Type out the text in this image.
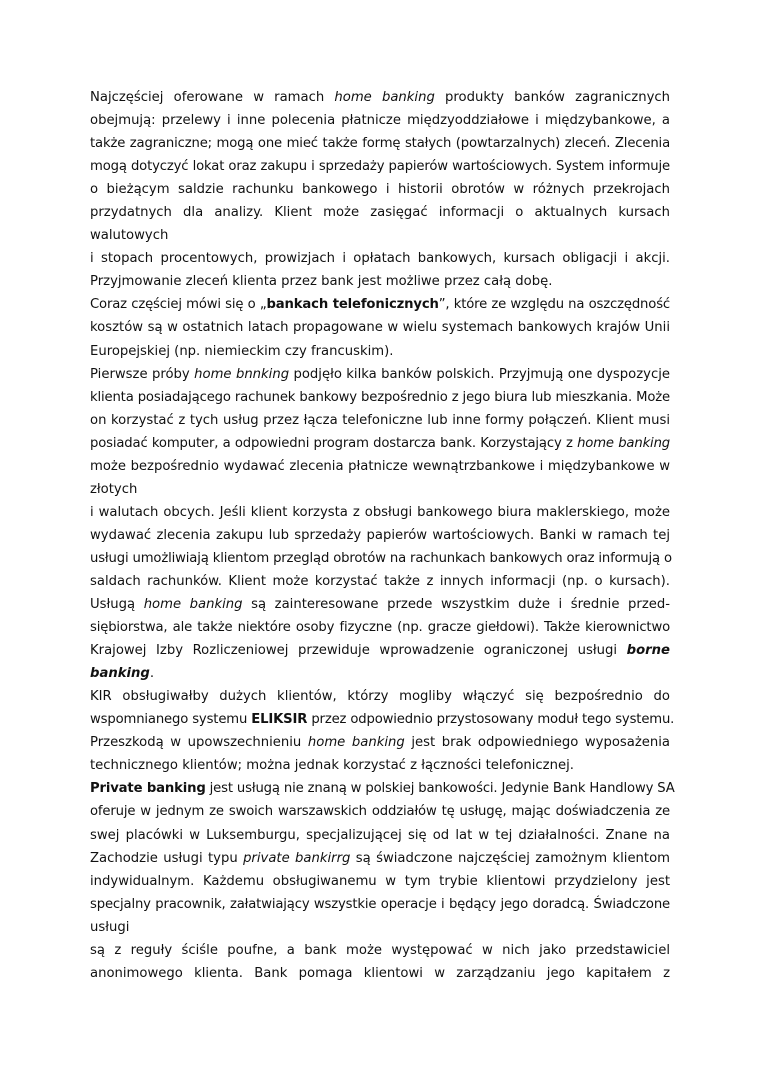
Najczęściej oferowane w ramach home banking produkty banków zagranicznych
obejmują: przelewy i inne polecenia płatnicze międzyoddziałowe i międzybankowe, a
także zagraniczne; mogą one mieć także formę stałych (powtarzalnych) zleceń. Zlecenia
mogą dotyczyć lokat oraz zakupu i sprzedaży papierów wartościowych. System informuje
o bieżącym saldzie rachunku bankowego i historii obrotów w różnych przekrojach
przydatnych dla analizy. Klient może zasięgać informacji o aktualnych kursach
walutowych
i stopach procentowych, prowizjach i opłatach bankowych, kursach obligacji i akcji.
Przyjmowanie zleceń klienta przez bank jest możliwe przez całą dobę.
Coraz częściej mówi się o „bankach telefonicznych”, które ze względu na oszczędność
kosztów są w ostatnich latach propagowane w wielu systemach bankowych krajów Unii
Europejskiej (np. niemieckim czy francuskim).
Pierwsze próby home bnnking podjęło kilka banków polskich. Przyjmują one dyspozycje
klienta posiadającego rachunek bankowy bezpośrednio z jego biura lub mieszkania. Może
on korzystać z tych usług przez łącza telefoniczne lub inne formy połączeń. Klient musi
posiadać komputer, a odpowiedni program dostarcza bank. Korzystający z home banking
może bezpośrednio wydawać zlecenia płatnicze wewnątrzbankowe i międzybankowe w
złotych
i walutach obcych. Jeśli klient korzysta z obsługi bankowego biura maklerskiego, może
wydawać zlecenia zakupu lub sprzedaży papierów wartościowych. Banki w ramach tej
usługi umożliwiają klientom przegląd obrotów na rachunkach bankowych oraz informują o
saldach rachunków. Klient może korzystać także z innych informacji (np. o kursach).
Usługą home banking są zainteresowane przede wszystkim duże i średnie przed-
siębiorstwa, ale także niektóre osoby fizyczne (np. gracze giełdowi). Także kierownictwo
Krajowej Izby Rozliczeniowej przewiduje wprowadzenie ograniczonej usługi borne
banking.
KIR obsługiwałby dużych klientów, którzy mogliby włączyć się bezpośrednio do
wspomnianego systemu ELIKSIR przez odpowiednio przystosowany moduł tego systemu.
Przeszkodą w upowszechnieniu home banking jest brak odpowiedniego wyposażenia
technicznego klientów; można jednak korzystać z łączności telefonicznej.
Private banking jest usługą nie znaną w polskiej bankowości. Jedynie Bank Handlowy SA
oferuje w jednym ze swoich warszawskich oddziałów tę usługę, mając doświadczenia ze
swej placówki w Luksemburgu, specjalizującej się od lat w tej działalności. Znane na
Zachodzie usługi typu private bankirrg są świadczone najczęściej zamożnym klientom
indywidualnym. Każdemu obsługiwanemu w tym trybie klientowi przydzielony jest
specjalny pracownik, załatwiający wszystkie operacje i będący jego doradcą. Świadczone
usługi
są z reguły ściśle poufne, a bank może występować w nich jako przedstawiciel
anonimowego klienta. Bank pomaga klientowi w zarządzaniu jego kapitałem z
